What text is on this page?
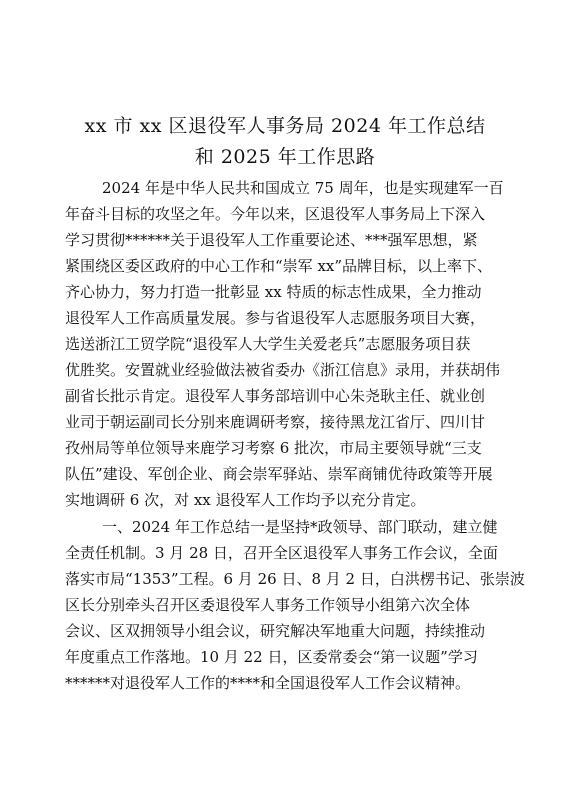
xx 市 xx 区退役军人事务局 2024 年工作总结
和 2025 年工作思路
2024 年是中华人民共和国成立 75 周年，也是实现建军一百
年奋斗目标的攻坚之年。今年以来，区退役军人事务局上下深入
学习贯彻******关于退役军人工作重要论述、***强军思想，紧
紧围绕区委区政府的中心工作和“崇军 xx”品牌目标，以上率下、
齐心协力，努力打造一批彰显 xx 特质的标志性成果，全力推动
退役军人工作高质量发展。参与省退役军人志愿服务项目大赛，
选送浙江工贸学院“退役军人大学生关爱老兵”志愿服务项目获
优胜奖。安置就业经验做法被省委办《浙江信息》录用，并获胡伟
副省长批示肯定。退役军人事务部培训中心朱尧耿主任、就业创
业司于朝运副司长分别来鹿调研考察，接待黑龙江省厅、四川甘
孜州局等单位领导来鹿学习考察 6 批次，市局主要领导就“三支
队伍”建设、军创企业、商会崇军驿站、崇军商铺优待政策等开展
实地调研 6 次，对 xx 退役军人工作均予以充分肯定。
一、2024 年工作总结一是坚持*政领导、部门联动，建立健
全责任机制。3 月 28 日，召开全区退役军人事务工作会议，全面
落实市局“1353”工程。6 月 26 日、8 月 2 日，白洪楞书记、张崇波
区长分别牵头召开区委退役军人事务工作领导小组第六次全体
会议、区双拥领导小组会议，研究解决军地重大问题，持续推动
年度重点工作落地。10 月 22 日，区委常委会“第一议题”学习
******对退役军人工作的****和全国退役军人工作会议精神。
